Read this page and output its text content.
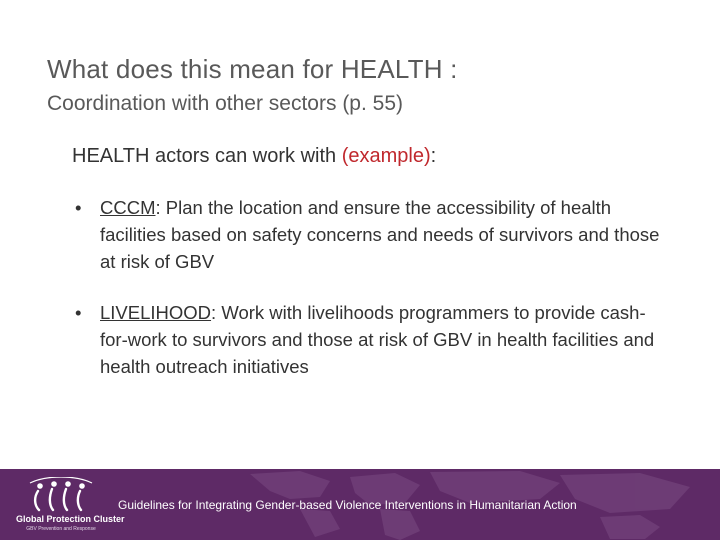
What does this mean for HEALTH :
Coordination with other sectors (p. 55)
HEALTH actors can work with (example):
• CCCM: Plan the location and ensure the accessibility of health facilities based on safety concerns and needs of survivors and those at risk of GBV
• LIVELIHOOD: Work with livelihoods programmers to provide cash-for-work to survivors and those at risk of GBV in health facilities and health outreach initiatives
Global Protection Cluster
GBV Prevention and Response
Guidelines for Integrating Gender-based Violence Interventions in Humanitarian Action
